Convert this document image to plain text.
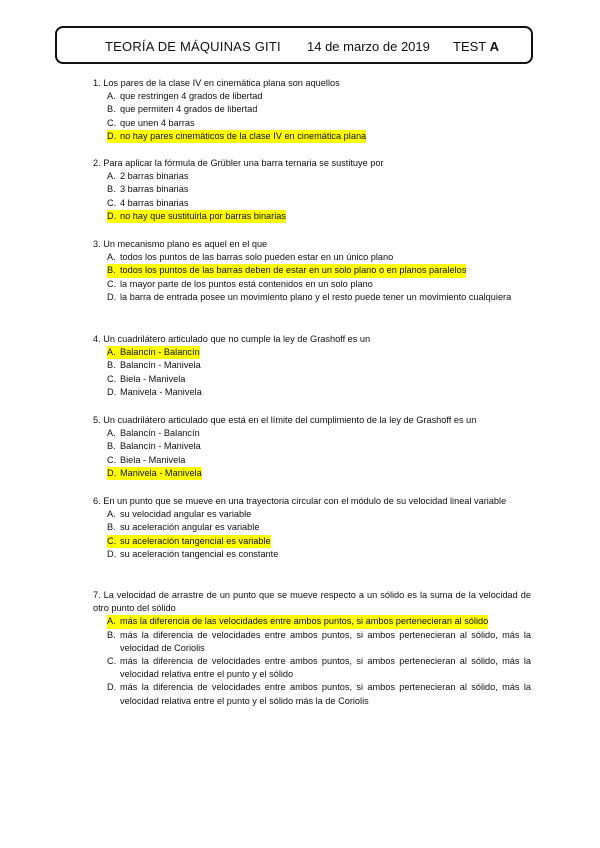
TEORÍA DE MÁQUINAS GITI 14 de marzo de 2019 TEST A
1. Los pares de la clase IV en cinemática plana son aquellos
A. que restringen 4 grados de libertad
B. que permiten 4 grados de libertad
C. que unen 4 barras
D. no hay pares cinemáticos de la clase IV en cinemática plana
2. Para aplicar la fórmula de Grübler una barra ternaria se sustituye por
A. 2 barras binarias
B. 3 barras binarias
C. 4 barras binarias
D. no hay que sustituirla por barras binarias
3. Un mecanismo plano es aquel en el que
A. todos los puntos de las barras solo pueden estar en un único plano
B. todos los puntos de las barras deben de estar en un solo plano o en planos paralelos
C. la mayor parte de los puntos está contenidos en un solo plano
D. la barra de entrada posee un movimiento plano y el resto puede tener un movimiento cualquiera
4. Un cuadrilátero articulado que no cumple la ley de Grashoff es un
A. Balancín - Balancín
B. Balancín - Manivela
C. Biela - Manivela
D. Manivela - Manivela
5. Un cuadrilátero articulado que está en el límite del cumplimiento de la ley de Grashoff es un
A. Balancín - Balancín
B. Balancín - Manivela
C. Biela - Manivela
D. Manivela - Manivela
6. En un punto que se mueve en una trayectoria circular con el módulo de su velocidad lineal variable
A. su velocidad angular es variable
B. su aceleración angular es variable
C. su aceleración tangencial es variable
D. su aceleración tangencial es constante
7. La velocidad de arrastre de un punto que se mueve respecto a un sólido es la suma de la velocidad de otro punto del sólido
A. más la diferencia de las velocidades entre ambos puntos, si ambos pertenecieran al sólido
B. más la diferencia de velocidades entre ambos puntos, si ambos pertenecieran al sólido, más la velocidad de Coriolis
C. más la diferencia de velocidades entre ambos puntos, si ambos pertenecieran al sólido, más la velocidad relativa entre el punto y el sólido
D. más la diferencia de velocidades entre ambos puntos, si ambos pertenecieran al sólido, más la velocidad relativa entre el punto y el sólido más la de Coriolis
